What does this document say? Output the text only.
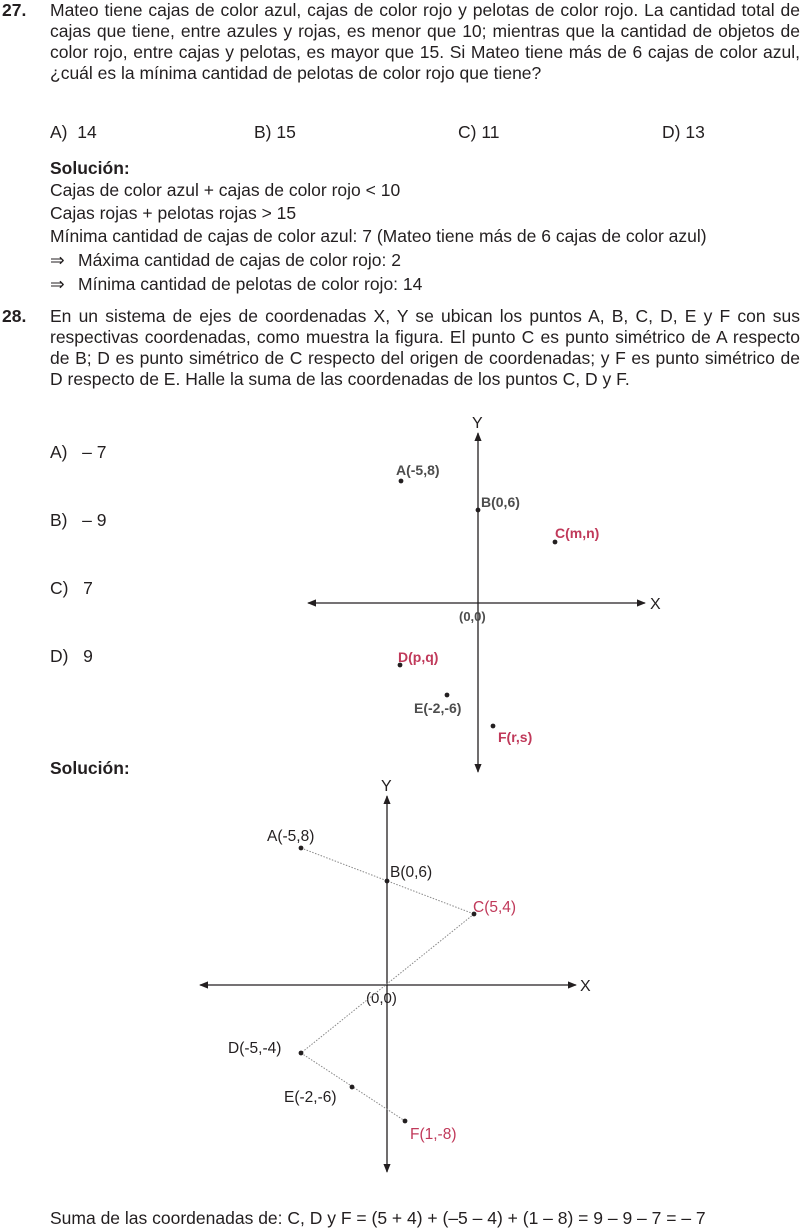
27. Mateo tiene cajas de color azul, cajas de color rojo y pelotas de color rojo. La cantidad total de cajas que tiene, entre azules y rojas, es menor que 10; mientras que la cantidad de objetos de color rojo, entre cajas y pelotas, es mayor que 15. Si Mateo tiene más de 6 cajas de color azul, ¿cuál es la mínima cantidad de pelotas de color rojo que tiene?
A) 14	B) 15	C) 11	D) 13
Solución:
Cajas de color azul + cajas de color rojo < 10
Cajas rojas + pelotas rojas > 15
Mínima cantidad de cajas de color azul: 7 (Mateo tiene más de 6 cajas de color azul)
⇒ Máxima cantidad de cajas de color rojo: 2
⇒ Mínima cantidad de pelotas de color rojo: 14
28. En un sistema de ejes de coordenadas X, Y se ubican los puntos A, B, C, D, E y F con sus respectivas coordenadas, como muestra la figura. El punto C es punto simétrico de A respecto de B; D es punto simétrico de C respecto del origen de coordenadas; y F es punto simétrico de D respecto de E. Halle la suma de las coordenadas de los puntos C, D y F.
A) – 7
B) – 9
C) 7
D) 9
Solución:
Y
X
(0,0)
A(-5,8)
B(0,6)
C(m,n)
D(p,q)
E(-2,-6)
F(r,s)
Y
X
(0,0)
A(-5,8)
B(0,6)
C(5,4)
D(-5,-4)
E(-2,-6)
F(1,-8)
Suma de las coordenadas de: C, D y F = (5 + 4) + (–5 – 4) + (1 – 8) = 9 – 9 – 7 = – 7
